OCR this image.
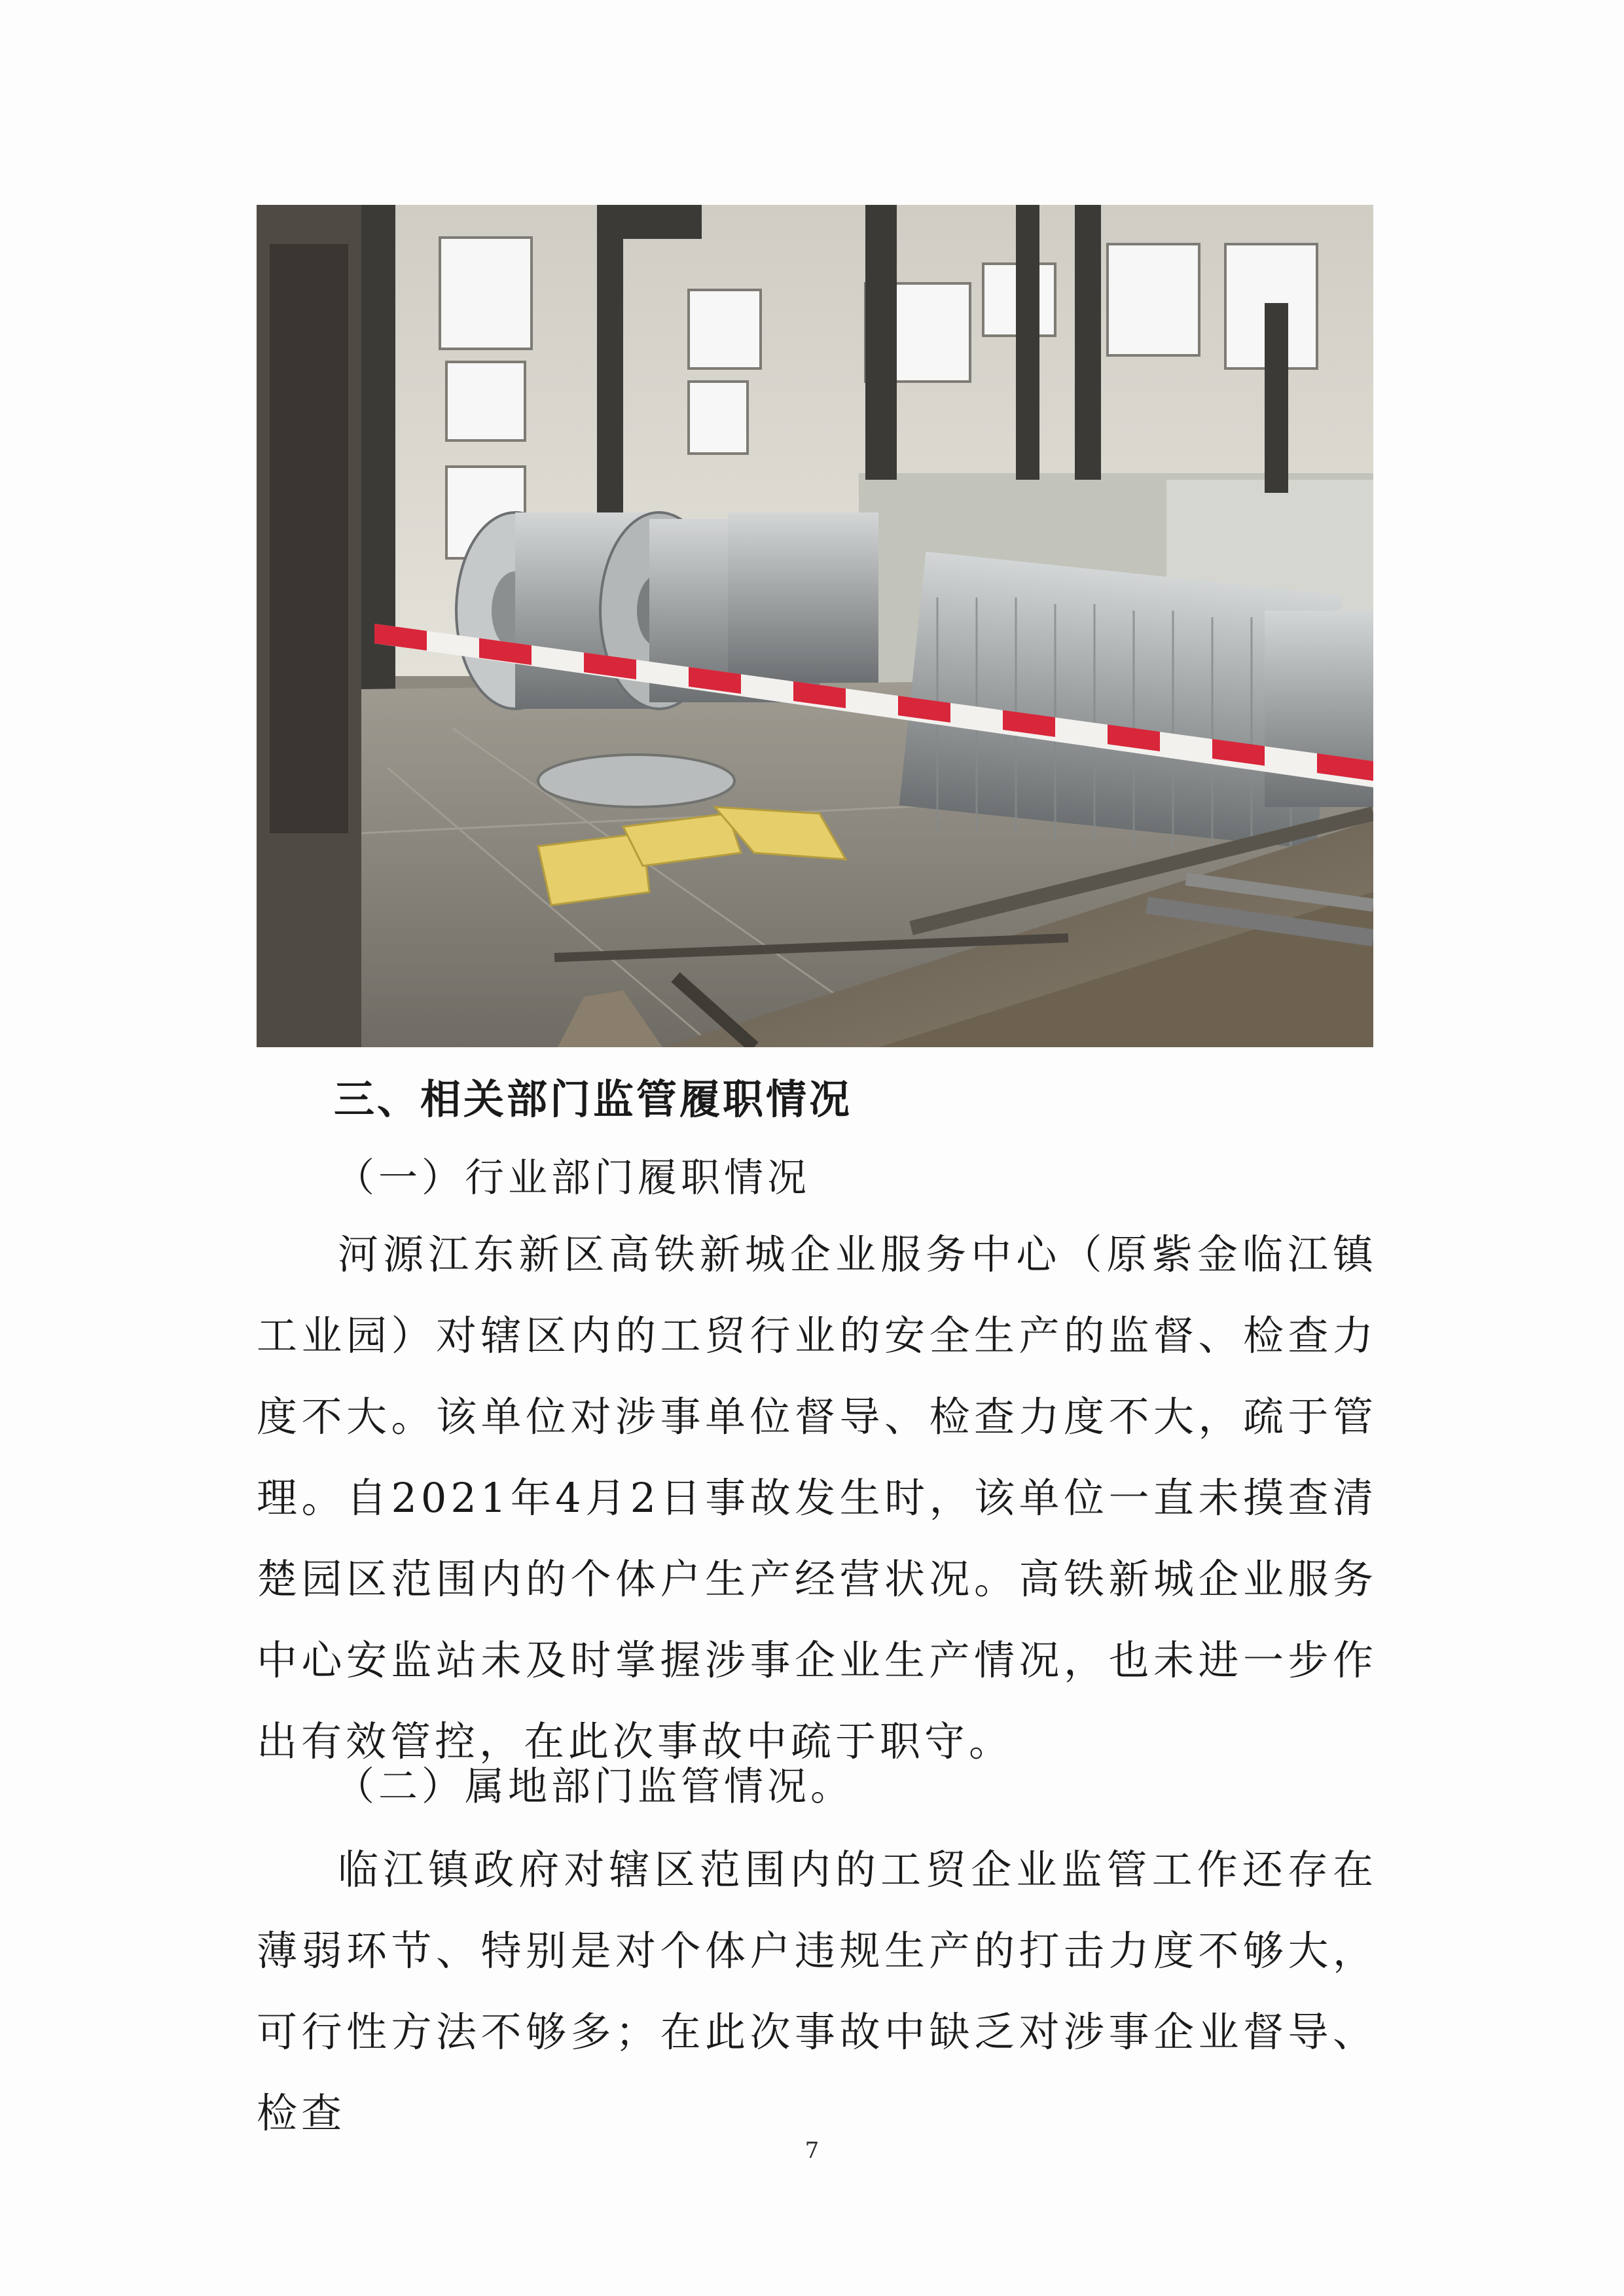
三、相关部门监管履职情况
（一）行业部门履职情况
河源江东新区高铁新城企业服务中心（原紫金临江镇工业园）对辖区内的工贸行业的安全生产的监督、检查力度不大。该单位对涉事单位督导、检查力度不大，疏于管理。自2021年4月2日事故发生时，该单位一直未摸查清楚园区范围内的个体户生产经营状况。高铁新城企业服务中心安监站未及时掌握涉事企业生产情况，也未进一步作出有效管控，在此次事故中疏于职守。
（二）属地部门监管情况。
临江镇政府对辖区范围内的工贸企业监管工作还存在薄弱环节、特别是对个体户违规生产的打击力度不够大，可行性方法不够多；在此次事故中缺乏对涉事企业督导、检查
7
